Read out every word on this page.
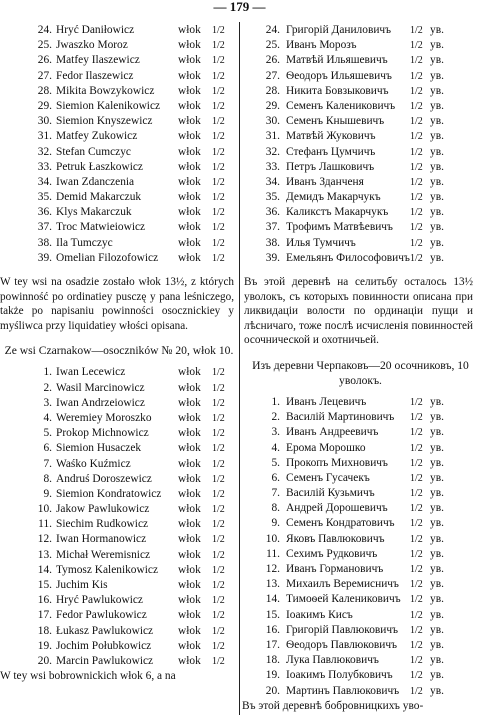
— 179 —
24. Hryć Daniłowicz	włok 1/2
25. Jwaszko Moroz	włok 1/2
26. Matfey Ilaszewicz	włok 1/2
27. Fedor Ilaszewicz	włok 1/2
28. Mikita Bowzykowicz włok 1/2
29. Siemion Kalenikowicz włok 1/2
30. Siemion Knyszewicz włok 1/2
31. Matfey Zukowicz	włok 1/2
32. Stefan Cumczyc	włok 1/2
33. Petruk Łaszkowicz	włok 1/2
34. Iwan Zdanczenia	włok 1/2
35. Demid Makarczuk	włok 1/2
36. Klys Makarczuk	włok 1/2
37. Troc Matwieiowicz	włok 1/2
38. Ila Tumczyc	włok 1/2
39. Omelian Filozofowicz włok 1/2

W tey wsi na osadzie zostało włok 13½, z których powinność po ordinatiey pusczę y pana leśniczego, także po napisaniu powinności osocznickiey y myśliwca przy liquidatiey włości opisana.

Ze wsi Czarnakow—osoczników № 20, włok 10.

1. Iwan Lecewicz	włok 1/2
2. Wasil Marcinowicz	włok 1/2
3. Iwan Andrzeiowicz	włok 1/2
4. Weremiey Moroszko włok 1/2
5. Prokop Michnowicz	włok 1/2
6. Siemion Husaczek	włok 1/2
7. Waśko Kuźmicz	włok 1/2
8. Andruś Doroszewicz włok 1/2
9. Siemion Kondratowicz włok 1/2
10. Jakow Pawlukowicz	włok 1/2
11. Siechim Rudkowicz	włok 1/2
12. Iwan Hormanowicz	włok 1/2
13. Michał Weremisnicz włok 1/2
14. Tymosz Kalenikowicz włok 1/2
15. Juchim Kis	włok 1/2
16. Hryć Pawlukowicz	włok 1/2
17. Fedor Pawlukowicz	włok 1/2
18. Łukasz Pawlukowicz włok 1/2
19. Jochim Połubkowicz włok 1/2
20. Marcin Pawlukowicz włok 1/2
W tey wsi bobrownickich włok 6, a na
24. Григорій Даниловичъ 1/2 ув.
25. Иванъ Морозъ	1/2 ув.
26. Матвѣй Ильяшевичъ 1/2 ув.
27. Ѳеодоръ Ильяшевичъ 1/2 ув.
28. Никита Бовзыковичъ 1/2 ув.
29. Семенъ Калениковичъ 1/2 ув.
30. Семенъ Кнышевичъ	1/2 ув.
31. Матвѣй Жуковичъ	1/2 ув.
32. Стефанъ Цумчичъ	1/2 ув.
33. Петръ Лашковичъ	1/2 ув.
34. Иванъ Зданченя	1/2 ув.
35. Демидъ Макарчукъ	1/2 ув.
36. Каликстъ Макарчукъ 1/2 ув.
37. Трофимъ Матвѣевичъ 1/2 ув.
38. Илья Тумчичъ	1/2 ув.
39. Емельянъ Философовичъ 1/2 ув.

Въ этой деревнѣ на селитьбу осталось 13½ уволокъ, съ которыхъ повинности описана при ликвидаціи волости по ординаціи пущи и лѣсничаго, тоже послѣ исчисленія повинностей осочнической и охотничьей.

Изъ деревни Черпаковъ—20 осочниковъ, 10 уволокъ.

1. Иванъ Лецевичъ	1/2 ув.
2. Василій Мартиновичъ 1/2 ув.
3. Иванъ Андреевичъ	1/2 ув.
4. Ерома Морошко	1/2 ув.
5. Прокопъ Михновичъ 1/2 ув.
6. Семенъ Гусачекъ	1/2 ув.
7. Василій Кузьмичъ	1/2 ув.
8. Андрей Дорошевичъ 1/2 ув.
9. Семенъ Кондратовичъ 1/2 ув.
10. Яковъ Павлюковичъ	1/2 ув.
11. Сехимъ Рудковичъ	1/2 ув.
12. Иванъ Гормановичъ	1/2 ув.
13. Михаилъ Веремисничъ 1/2 ув.
14. Тимоѳей Калениковичъ 1/2 ув.
15. Іоакимъ Кисъ	1/2 ув.
16. Григорій Павлюковичъ 1/2 ув.
17. Ѳеодоръ Павлюковичъ 1/2 ув.
18. Лука Павлюковичъ	1/2 ув.
19. Іоакимъ Полубковичъ 1/2 ув.
20. Мартинъ Павлюковичъ 1/2 ув.
Въ этой деревнѣ бобровницкихъ уво-
